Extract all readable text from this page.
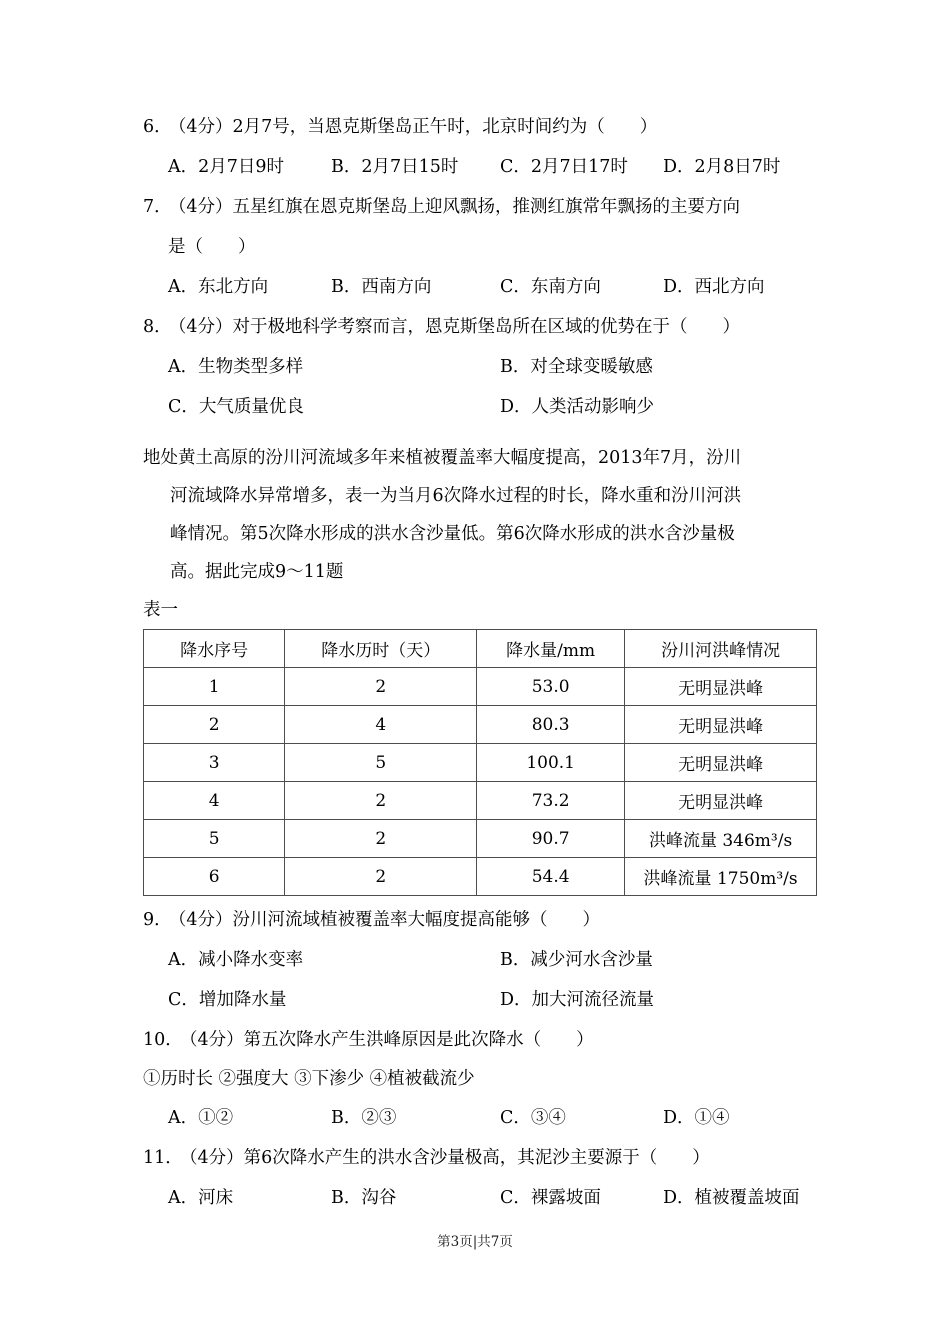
6． （4分）2月7号，当恩克斯堡岛正午时，北京时间约为（　　）
A．2月7日9时	B．2月7日15时	C．2月7日17时	D．2月8日7时
7． （4分）五星红旗在恩克斯堡岛上迎风飘扬，推测红旗常年飘扬的主要方向
是（　　）
A．东北方向	B．西南方向	C．东南方向	D．西北方向
8． （4分）对于极地科学考察而言，恩克斯堡岛所在区域的优势在于（　　）
A．生物类型多样	B．对全球变暖敏感
C．大气质量优良	D．人类活动影响少
地处黄土高原的汾川河流域多年来植被覆盖率大幅度提高，2013年7月，汾川
河流域降水异常增多，表一为当月6次降水过程的时长，降水重和汾川河洪
峰情况。第5次降水形成的洪水含沙量低。第6次降水形成的洪水含沙量极
高。据此完成9～11题
表一
降水序号	降水历时（天）	降水量/mm	汾川河洪峰情况
1	2	53.0	无明显洪峰
2	4	80.3	无明显洪峰
3	5	100.1	无明显洪峰
4	2	73.2	无明显洪峰
5	2	90.7	洪峰流量 346m³/s
6	2	54.4	洪峰流量 1750m³/s
9． （4分）汾川河流域植被覆盖率大幅度提高能够（　　）
A．减小降水变率	B．减少河水含沙量
C．增加降水量	D．加大河流径流量
10． （4分）第五次降水产生洪峰原因是此次降水（　　）
①历时长 ②强度大 ③下渗少 ④植被截流少
A．①②	B．②③	C．③④	D．①④
11． （4分）第6次降水产生的洪水含沙量极高，其泥沙主要源于（　　）
A．河床	B．沟谷	C．裸露坡面	D．植被覆盖坡面
第3页|共7页
